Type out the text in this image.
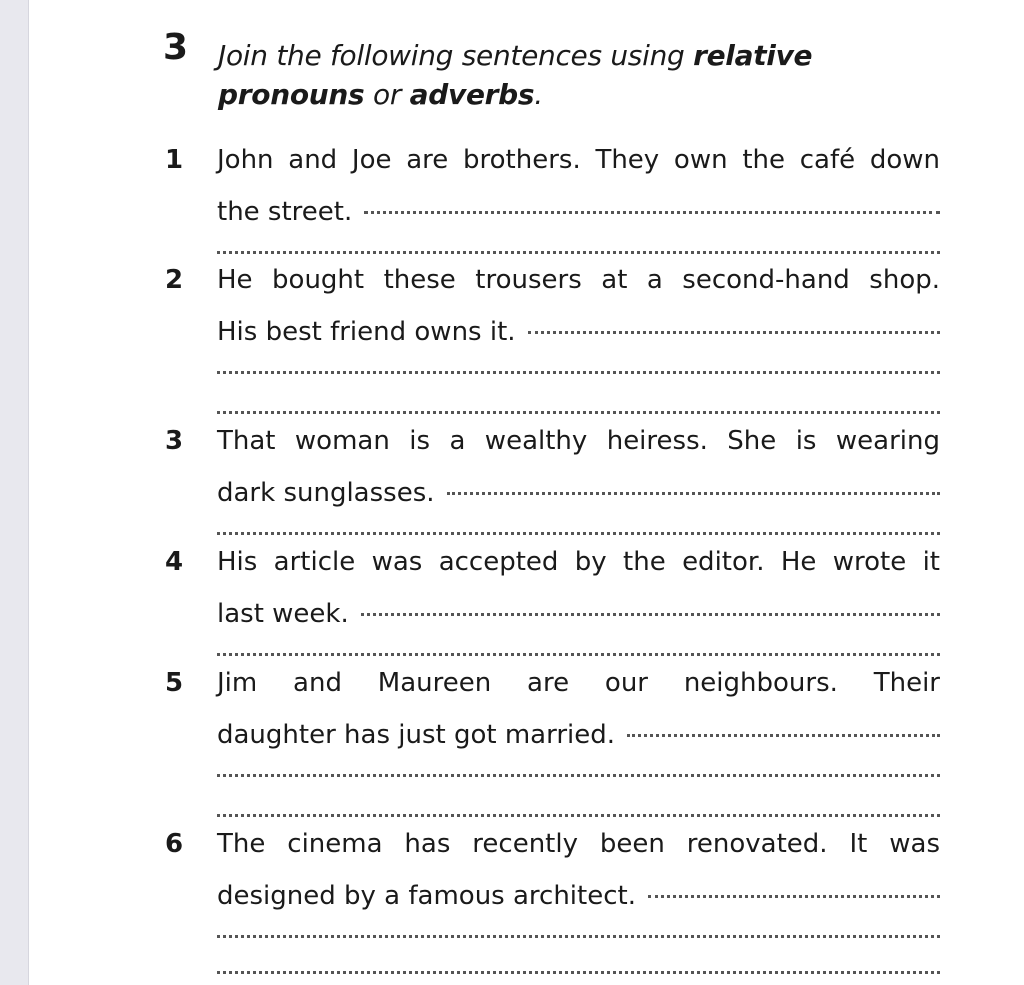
3 Join the following sentences using relative pronouns or adverbs.
1	John and Joe are brothers. They own the café down
the street.
2	He bought these trousers at a second-hand shop.
His best friend owns it.
3	That woman is a wealthy heiress. She is wearing
dark sunglasses.
4	His article was accepted by the editor. He wrote it
last week.
5	Jim and Maureen are our neighbours. Their
daughter has just got married.
6	The cinema has recently been renovated. It was
designed by a famous architect.
